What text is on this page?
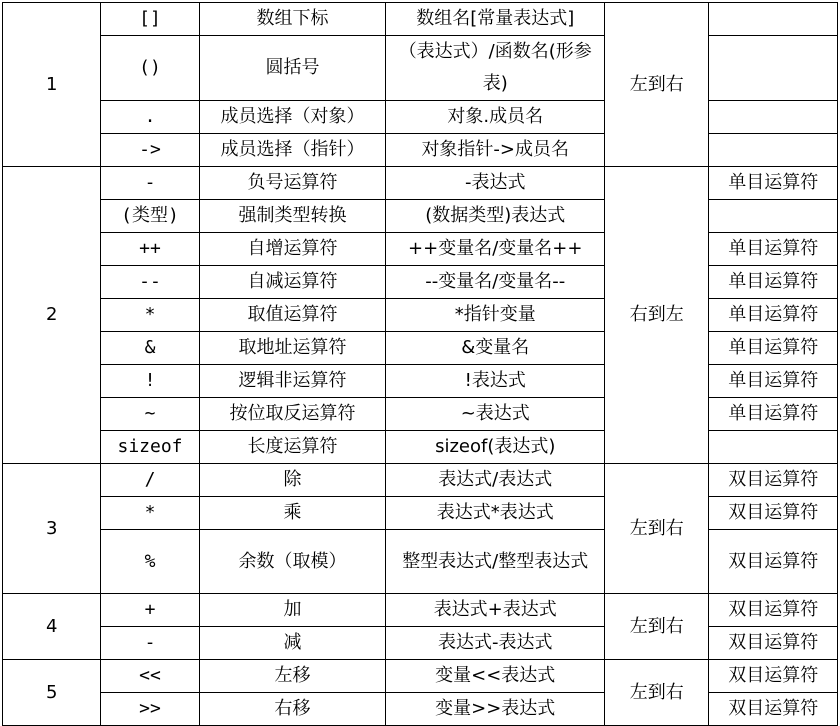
1	[]	数组下标	数组名[常量表达式]	左到右	
	()	圆括号	（表达式）/函数名(形参表)		
	.	成员选择（对象）	对象.成员名		
	->	成员选择（指针）	对象指针->成员名		
2	-	负号运算符	-表达式	右到左	单目运算符
	(类型)	强制类型转换	(数据类型)表达式		
	++	自增运算符	++变量名/变量名++		单目运算符
	--	自减运算符	--变量名/变量名--		单目运算符
	*	取值运算符	*指针变量		单目运算符
	&	取地址运算符	&变量名		单目运算符
	!	逻辑非运算符	!表达式		单目运算符
	~	按位取反运算符	~表达式		单目运算符
	sizeof	长度运算符	sizeof(表达式)		
3	/	除	表达式/表达式	左到右	双目运算符
	*	乘	表达式*表达式		双目运算符
	%	余数（取模）	整型表达式/整型表达式		双目运算符
4	+	加	表达式+表达式	左到右	双目运算符
	-	减	表达式-表达式		双目运算符
5	<<	左移	变量<<表达式	左到右	双目运算符
	>>	右移	变量>>表达式		双目运算符
